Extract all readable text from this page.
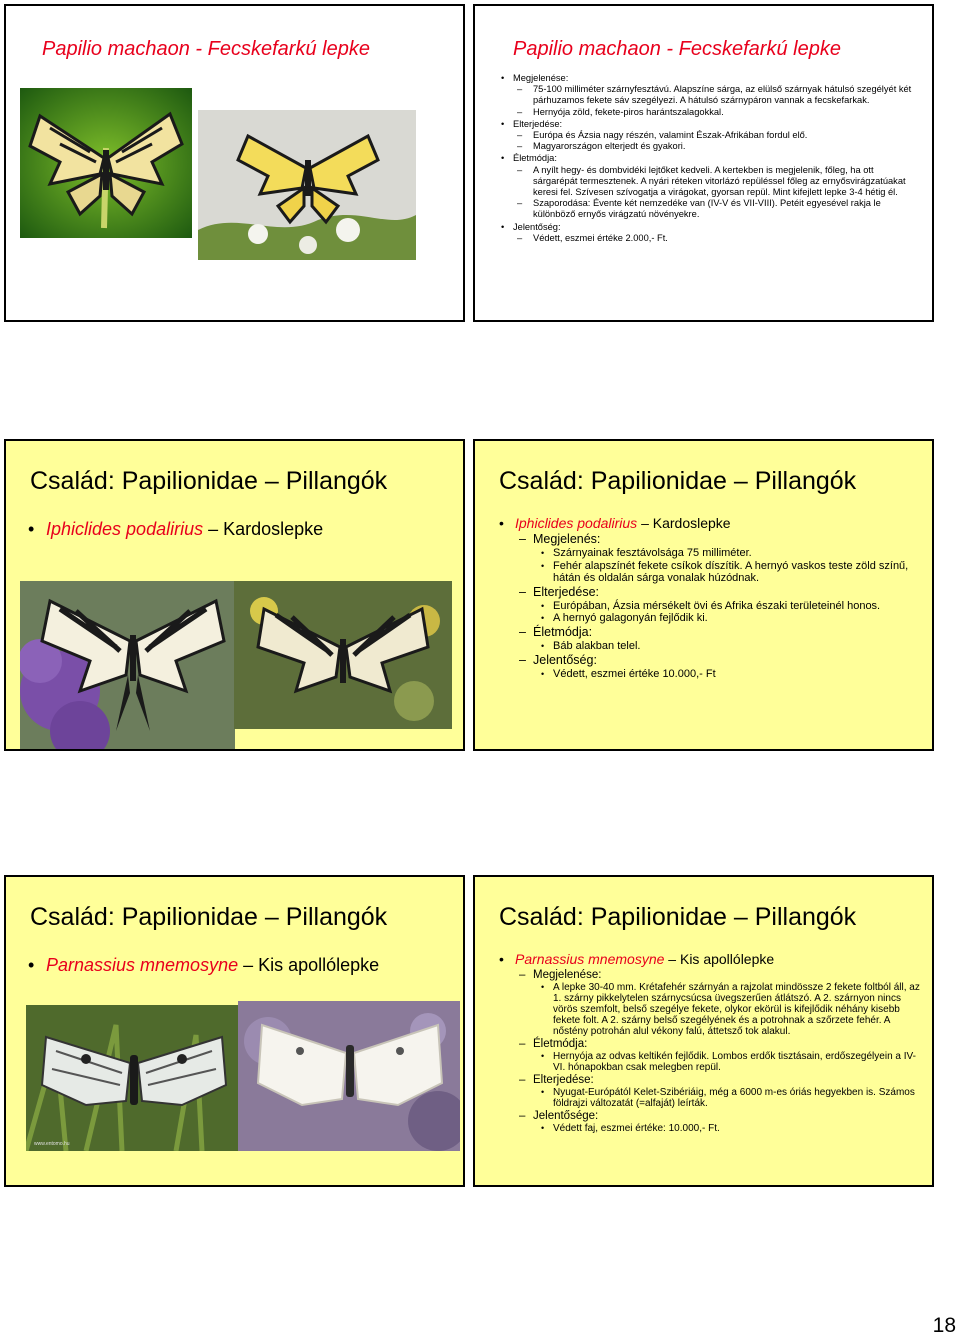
Papilio machaon - Fecskefarkú lepke	Papilio machaon - Fecskefarkú lepke
• Megjelenése:
– 75-100 milliméter szárnyfesztávú. Alapszíne sárga, az elülső szárnyak hátulsó szegélyét két párhuzamos fekete sáv szegélyezi. A hátulsó szárnypáron vannak a fecskefarkak.
– Hernyója zöld, fekete-piros harántszalagokkal.
• Elterjedése:
– Európa és Ázsia nagy részén, valamint Észak-Afrikában fordul elő.
– Magyarországon elterjedt és gyakori.
• Életmódja:
– A nyílt hegy- és dombvidéki lejtőket kedveli. A kertekben is megjelenik, főleg, ha ott sárgarépát termesztenek. A nyári réteken vitorlázó repüléssel főleg az ernyősvirágzatúakat keresi fel. Szívesen szívogatja a virágokat, gyorsan repül. Mint kifejlett lepke 3-4 hétig él.
– Szaporodása: Évente két nemzedéke van (IV-V és VII-VIII). Petéit egyesével rakja le különböző ernyős virágzatú növényekre.
• Jelentőség:
– Védett, eszmei értéke 2.000,- Ft.
Család: Papilionidae – Pillangók
• Iphiclides podalirius – Kardoslepke
Család: Papilionidae – Pillangók
• Iphiclides podalirius – Kardoslepke
– Megjelenés:
• Szárnyainak fesztávolsága 75 milliméter.
• Fehér alapszínét fekete csíkok díszítik. A hernyó vaskos teste zöld színű, hátán és oldalán sárga vonalak húzódnak.
– Elterjedése:
• Európában, Ázsia mérsékelt övi és Afrika északi területeinél honos.
• A hernyó galagonyán fejlődik ki.
– Életmódja:
• Báb alakban telel.
– Jelentőség:
• Védett, eszmei értéke 10.000,- Ft
Család: Papilionidae – Pillangók
• Parnassius mnemosyne – Kis apollólepke
www.entomo.hu
Család: Papilionidae – Pillangók
• Parnassius mnemosyne – Kis apollólepke
– Megjelenése:
• A lepke 30-40 mm. Krétafehér szárnyán a rajzolat mindössze 2 fekete foltból áll, az 1. szárny pikkelytelen szárnycsúcsa üvegszerűen átlátszó. A 2. szárnyon nincs vörös szemfolt, belső szegélye fekete, olykor ekörül is kifejlődik néhány kisebb fekete folt. A 2. szárny belső szegélyének és a potrohnak a szőrzete fehér. A nőstény potrohán alul vékony falú, áttetsző tok alakul.
– Életmódja:
• Hernyója az odvas keltikén fejlődik. Lombos erdők tisztásain, erdőszegélyein a IV-VI. hónapokban csak melegben repül.
– Elterjedése:
• Nyugat-Európától Kelet-Szibériáig, még a 6000 m-es óriás hegyekben is. Számos földrajzi változatát (=alfaját) leírták.
– Jelentősége:
• Védett faj, eszmei értéke: 10.000,- Ft.
18
